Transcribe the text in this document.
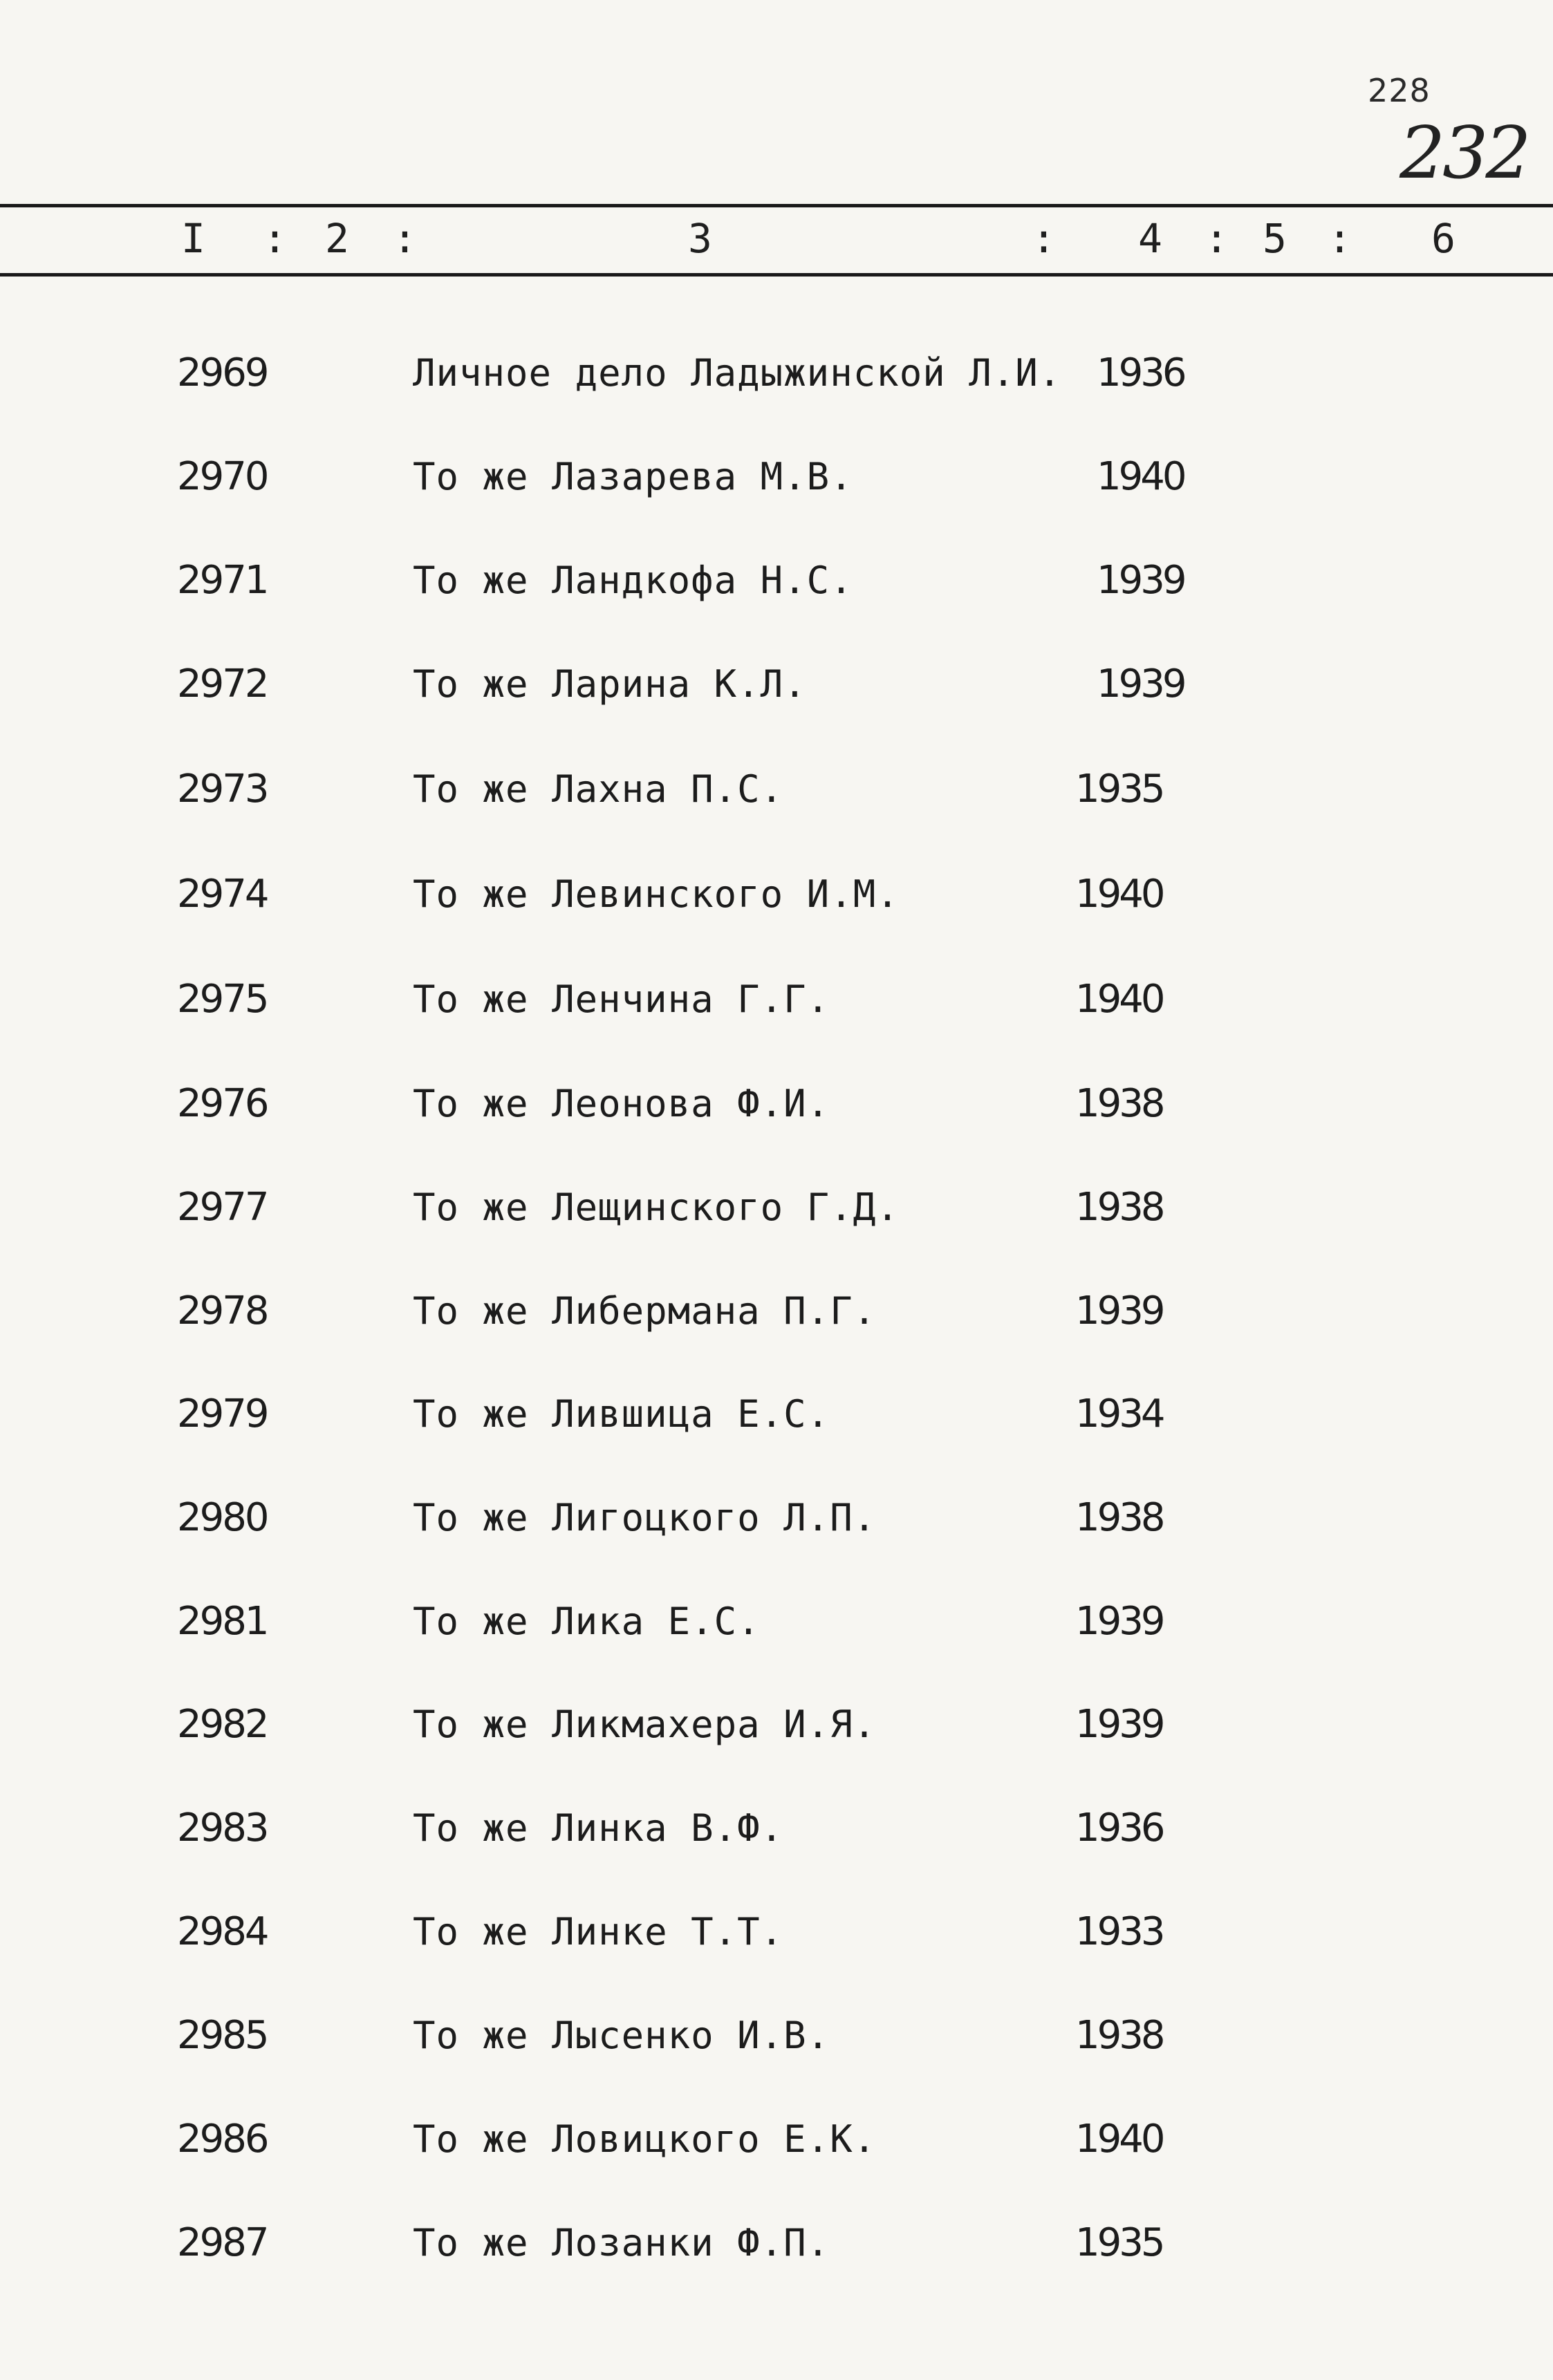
228
232
I : 2 :	3	: 4 : 5 : 6
2969	Личное дело Ладыжинской Л.И. 1936
2970	То же Лазарева М.В.	1940
2971	То же Ландкофа Н.С.	1939
2972	То же Ларина К.Л.	1939
2973	То же Лахна П.С.	1935
2974	То же Левинского И.М.	1940
2975	То же Ленчина Г.Г.	1940
2976	То же Леонова Ф.И.	1938
2977	То же Лещинского Г.Д.	1938
2978	То же Либермана П.Г.	1939
2979	То же Лившица Е.С.	1934
2980	То же Лигоцкого Л.П.	1938
2981	То же Лика Е.С.	1939
2982	То же Ликмахера И.Я.	1939
2983	То же Линка В.Ф.	1936
2984	То же Линке Т.Т.	1933
2985	То же Лысенко И.В.	1938
2986	То же Ловицкого Е.К.	1940
2987	То же Лозанки Ф.П.	1935
